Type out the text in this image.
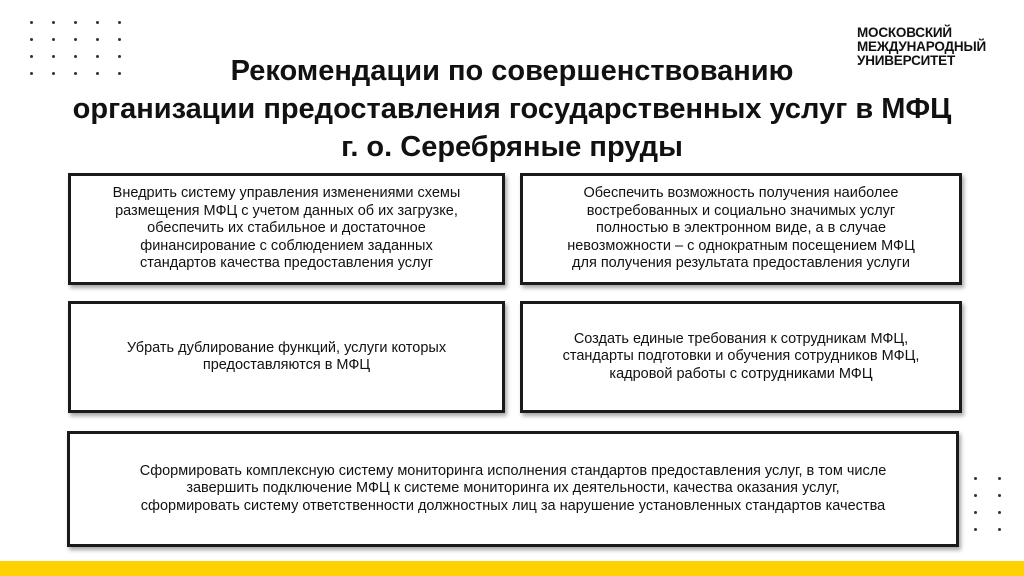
МОСКОВСКИЙ
МЕЖДУНАРОДНЫЙ
УНИВЕРСИТЕТ
Рекомендации по совершенствованию
организации предоставления государственных услуг в МФЦ
г. о. Серебряные пруды
Внедрить систему управления изменениями схемы
размещения МФЦ с учетом данных об их загрузке,
обеспечить их стабильное и достаточное
финансирование с соблюдением заданных
стандартов качества предоставления услуг
Обеспечить возможность получения наиболее
востребованных и социально значимых услуг
полностью в электронном виде, а в случае
невозможности – с однократным посещением МФЦ
для получения результата предоставления услуги
Убрать дублирование функций, услуги которых
предоставляются в МФЦ
Создать единые требования к сотрудникам МФЦ,
стандарты подготовки и обучения сотрудников МФЦ,
кадровой работы с сотрудниками МФЦ
Сформировать комплексную систему мониторинга исполнения стандартов предоставления услуг, в том числе
завершить подключение МФЦ к системе мониторинга их деятельности, качества оказания услуг,
сформировать систему ответственности должностных лиц за нарушение установленных стандартов качества
